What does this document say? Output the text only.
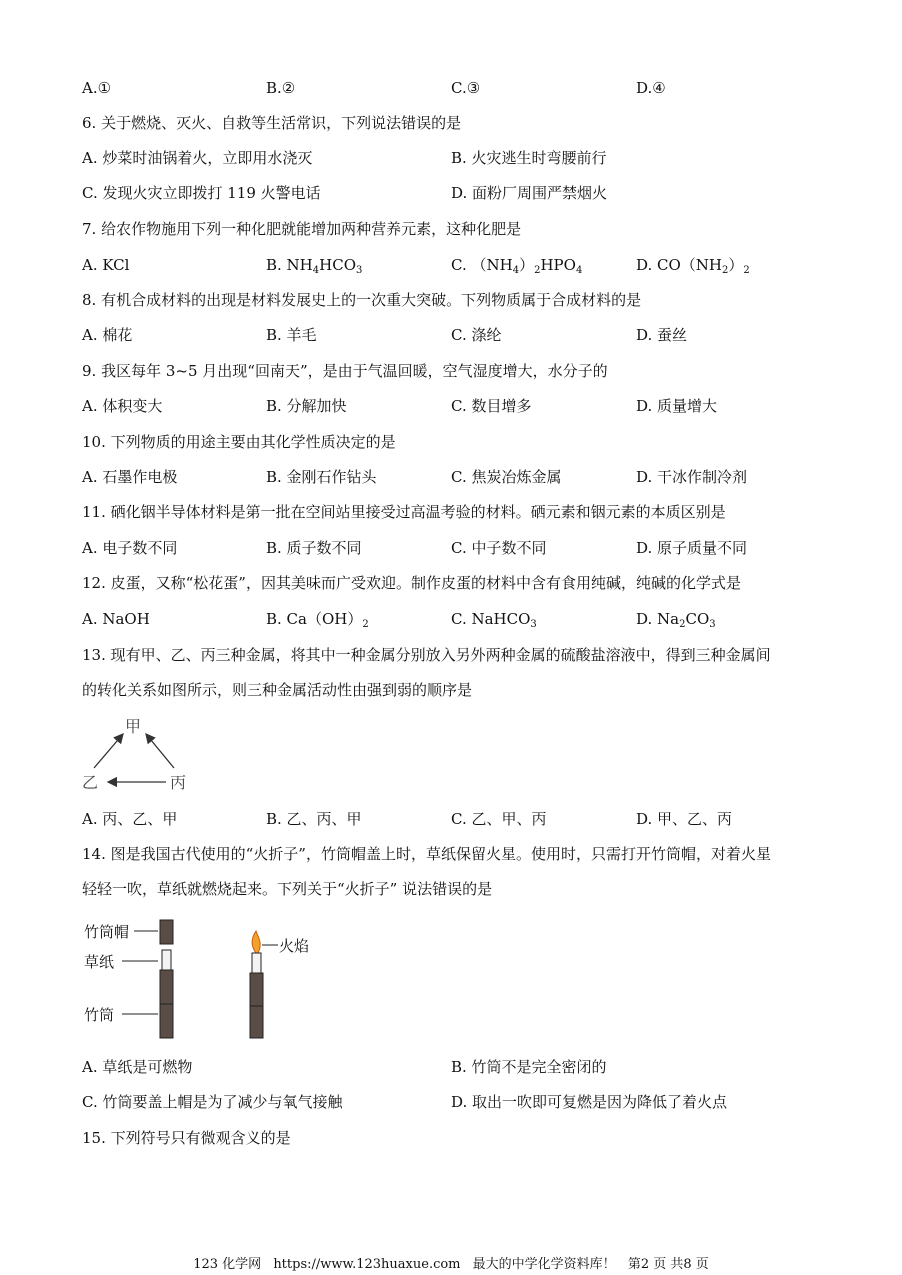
A.①	B.②	C.③	D.④
6. 关于燃烧、灭火、自救等生活常识，下列说法错误的是
A. 炒菜时油锅着火，立即用水浇灭	B. 火灾逃生时弯腰前行
C. 发现火灾立即拨打 119 火警电话	D. 面粉厂周围严禁烟火
7. 给农作物施用下列一种化肥就能增加两种营养元素，这种化肥是
A. KCl	B. $NH_4HCO_3$	C. $(NH_4)_2HPO_4$	D. $CO(NH_2)_2$
8. 有机合成材料的出现是材料发展史上的一次重大突破。下列物质属于合成材料的是
A. 棉花	B. 羊毛	C. 涤纶	D. 蚕丝
9. 我区每年 3~5 月出现“回南天”，是由于气温回暖，空气湿度增大，水分子的
A. 体积变大	B. 分解加快	C. 数目增多	D. 质量增大
10. 下列物质的用途主要由其化学性质决定的是
A. 石墨作电极	B. 金刚石作钻头	C. 焦炭冶炼金属	D. 干冰作制冷剂
11. 硒化铟半导体材料是第一批在空间站里接受过高温考验的材料。硒元素和铟元素的本质区别是
A. 电子数不同	B. 质子数不同	C. 中子数不同	D. 原子质量不同
12. 皮蛋，又称“松花蛋”，因其美味而广受欢迎。制作皮蛋的材料中含有食用纯碱，纯碱的化学式是
A. NaOH	B. $Ca(OH)_2$	C. NaHCO$_3$	D. $Na_2CO_3$
13. 现有甲、乙、丙三种金属，将其中一种金属分别放入另外两种金属的硫酸盐溶液中，得到三种金属间
的转化关系如图所示，则三种金属活动性由强到弱的顺序是
甲
乙	丙
A. 丙、乙、甲	B. 乙、丙、甲	C. 乙、甲、丙	D. 甲、乙、丙
14. 图是我国古代使用的“火折子”，竹筒帽盖上时，草纸保留火星。使用时，只需打开竹筒帽，对着火星
轻轻一吹，草纸就燃烧起来。下列关于“火折子” 说法错误的是
竹筒帽
草纸
竹筒
火焰
A. 草纸是可燃物	B. 竹筒不是完全密闭的
C. 竹筒要盖上帽是为了减少与氧气接触	D. 取出一吹即可复燃是因为降低了着火点
15. 下列符号只有微观含义的是
123 化学网 https://www.123huaxue.com 最大的中学化学资料库！ 第2 页 共8 页
